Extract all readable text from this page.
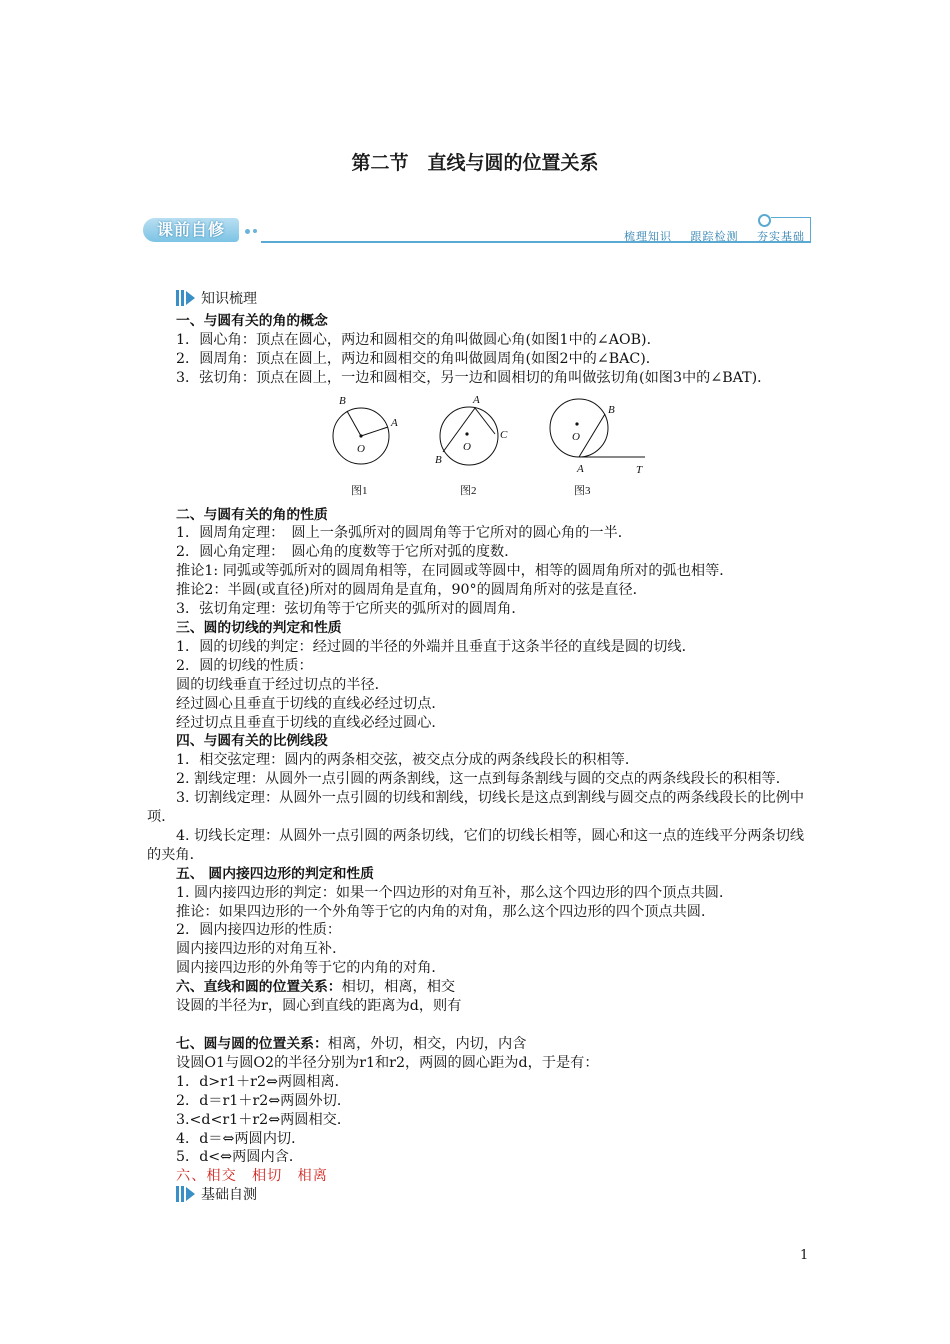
第二节　直线与圆的位置关系
课前自修	梳理知识 跟踪检测 夯实基础

知识梳理

一、与圆有关的角的概念

1．圆心角：顶点在圆心，两边和圆相交的角叫做圆心角(如图1中的∠AOB)．

2．圆周角：顶点在圆上，两边和圆相交的角叫做圆周角(如图2中的∠BAC)．

3．弦切角：顶点在圆上，一边和圆相交，另一边和圆相切的角叫做弦切角(如图3中的∠BAT)．

B
A
O
图1
A
B
C
O
图2
B
O
A	T
图3

二、与圆有关的角的性质

1．圆周角定理：　圆上一条弧所对的圆周角等于它所对的圆心角的一半．

2．圆心角定理：　圆心角的度数等于它所对弧的度数．

推论1: 同弧或等弧所对的圆周角相等，在同圆或等圆中，相等的圆周角所对的弧也相等．

推论2：半圆(或直径)所对的圆周角是直角，90°的圆周角所对的弦是直径．

3．弦切角定理：弦切角等于它所夹的弧所对的圆周角．

三、圆的切线的判定和性质

1．圆的切线的判定：经过圆的半径的外端并且垂直于这条半径的直线是圆的切线．

2．圆的切线的性质：

圆的切线垂直于经过切点的半径．

经过圆心且垂直于切线的直线必经过切点．

经过切点且垂直于切线的直线必经过圆心．

四、与圆有关的比例线段

1．相交弦定理：圆内的两条相交弦，被交点分成的两条线段长的积相等．

2. 割线定理：从圆外一点引圆的两条割线，这一点到每条割线与圆的交点的两条线段长的积相等．

3. 切割线定理：从圆外一点引圆的切线和割线，切线长是这点到割线与圆交点的两条线段长的比例中项．

4. 切线长定理：从圆外一点引圆的两条切线，它们的切线长相等，圆心和这一点的连线平分两条切线的夹角．

五、 圆内接四边形的判定和性质

1. 圆内接四边形的判定：如果一个四边形的对角互补，那么这个四边形的四个顶点共圆．

推论：如果四边形的一个外角等于它的内角的对角，那么这个四边形的四个顶点共圆．

2．圆内接四边形的性质：

圆内接四边形的对角互补．

圆内接四边形的外角等于它的内角的对角．

六、直线和圆的位置关系：相切，相离，相交

设圆的半径为r，圆心到直线的距离为d，则有

七、圆与圆的位置关系：相离，外切，相交，内切，内含

设圆O1与圆O2的半径分别为r1和r2，两圆的圆心距为d，于是有：

1．d>r1＋r2⇔两圆相离．

2．d＝r1＋r2⇔两圆外切．

3.<d<r1＋r2⇔两圆相交．

4．d＝⇔两圆内切．

5．d<⇔两圆内含．

六、相交　相切　相离

基础自测

1
